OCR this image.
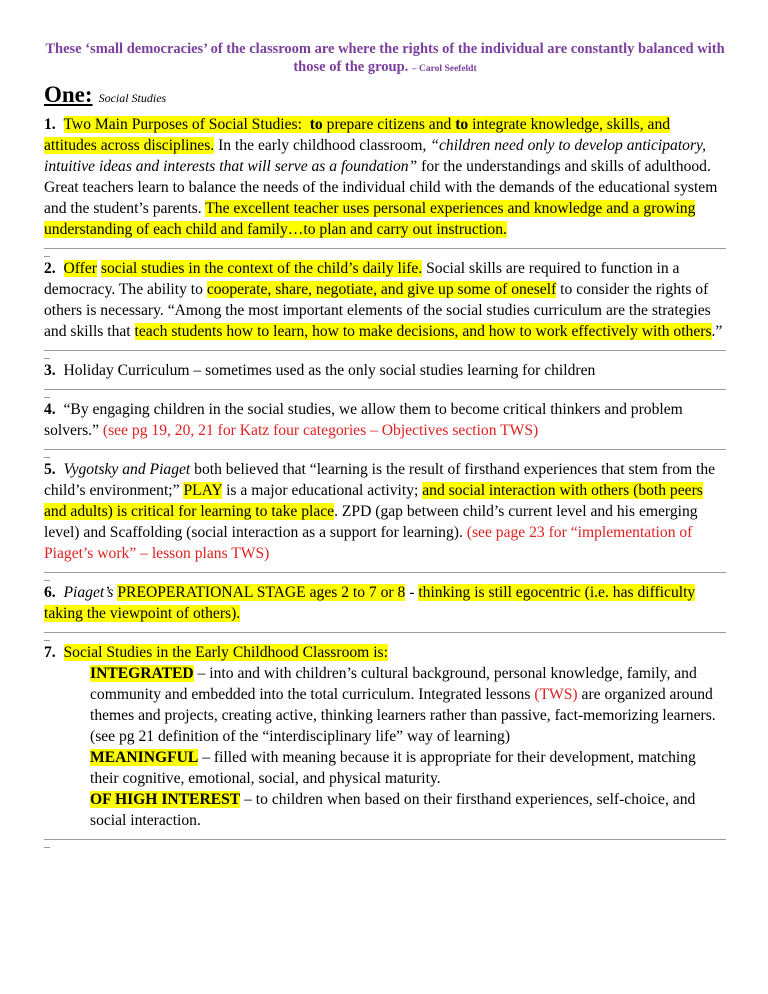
These ‘small democracies’ of the classroom are where the rights of the individual are constantly balanced with those of the group. – Carol Seefeldt
One: Social Studies

1. Two Main Purposes of Social Studies: to prepare citizens and to integrate knowledge, skills, and attitudes across disciplines. In the early childhood classroom, “children need only to develop anticipatory, intuitive ideas and interests that will serve as a foundation” for the understandings and skills of adulthood. Great teachers learn to balance the needs of the individual child with the demands of the educational system and the student’s parents. The excellent teacher uses personal experiences and knowledge and a growing understanding of each child and family…to plan and carry out instruction.

2. Offer social studies in the context of the child’s daily life. Social skills are required to function in a democracy. The ability to cooperate, share, negotiate, and give up some of oneself to consider the rights of others is necessary. “Among the most important elements of the social studies curriculum are the strategies and skills that teach students how to learn, how to make decisions, and how to work effectively with others.”

3. Holiday Curriculum – sometimes used as the only social studies learning for children

4. “By engaging children in the social studies, we allow them to become critical thinkers and problem solvers.” (see pg 19, 20, 21 for Katz four categories – Objectives section TWS)

5. Vygotsky and Piaget both believed that “learning is the result of firsthand experiences that stem from the child’s environment;” PLAY is a major educational activity; and social interaction with others (both peers and adults) is critical for learning to take place. ZPD (gap between child’s current level and his emerging level) and Scaffolding (social interaction as a support for learning). (see page 23 for “implementation of Piaget’s work” – lesson plans TWS)

6. Piaget’s PREOPERATIONAL STAGE ages 2 to 7 or 8 - thinking is still egocentric (i.e. has difficulty taking the viewpoint of others).

7. Social Studies in the Early Childhood Classroom is:

INTEGRATED – into and with children’s cultural background, personal knowledge, family, and community and embedded into the total curriculum. Integrated lessons (TWS) are organized around themes and projects, creating active, thinking learners rather than passive, fact-memorizing learners. (see pg 21 definition of the “interdisciplinary life” way of learning)

MEANINGFUL – filled with meaning because it is appropriate for their development, matching their cognitive, emotional, social, and physical maturity.

OF HIGH INTEREST – to children when based on their firsthand experiences, self-choice, and social interaction.
